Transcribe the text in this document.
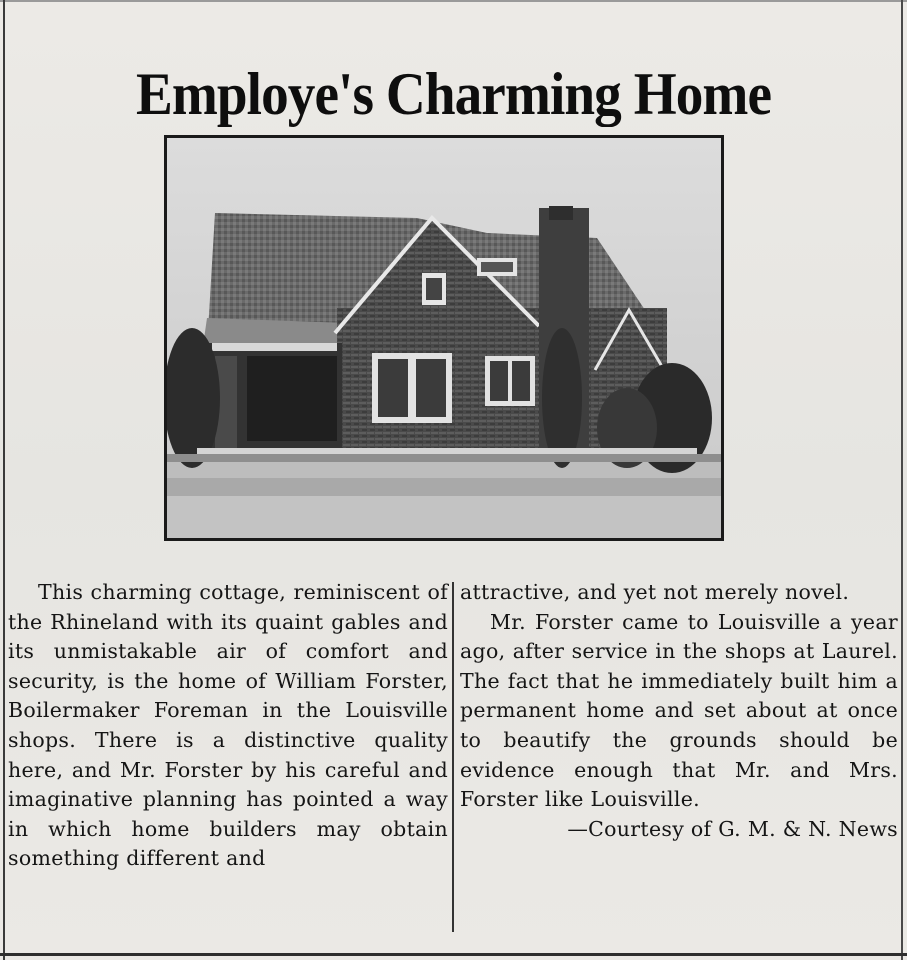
Employe's Charming Home

This charming cottage, reminiscent of the Rhineland with its quaint gables and its unmistakable air of comfort and security, is the home of William Forster, Boilermaker Foreman in the Louisville shops. There is a distinctive quality here, and Mr. Forster by his careful and imaginative planning has pointed a way in which home builders may obtain something different and

attractive, and yet not merely novel.

Mr. Forster came to Louisville a year ago, after service in the shops at Laurel. The fact that he immediately built him a permanent home and set about at once to beautify the grounds should be evidence enough that Mr. and Mrs. Forster like Louisville.

—Courtesy of G. M. & N. News
